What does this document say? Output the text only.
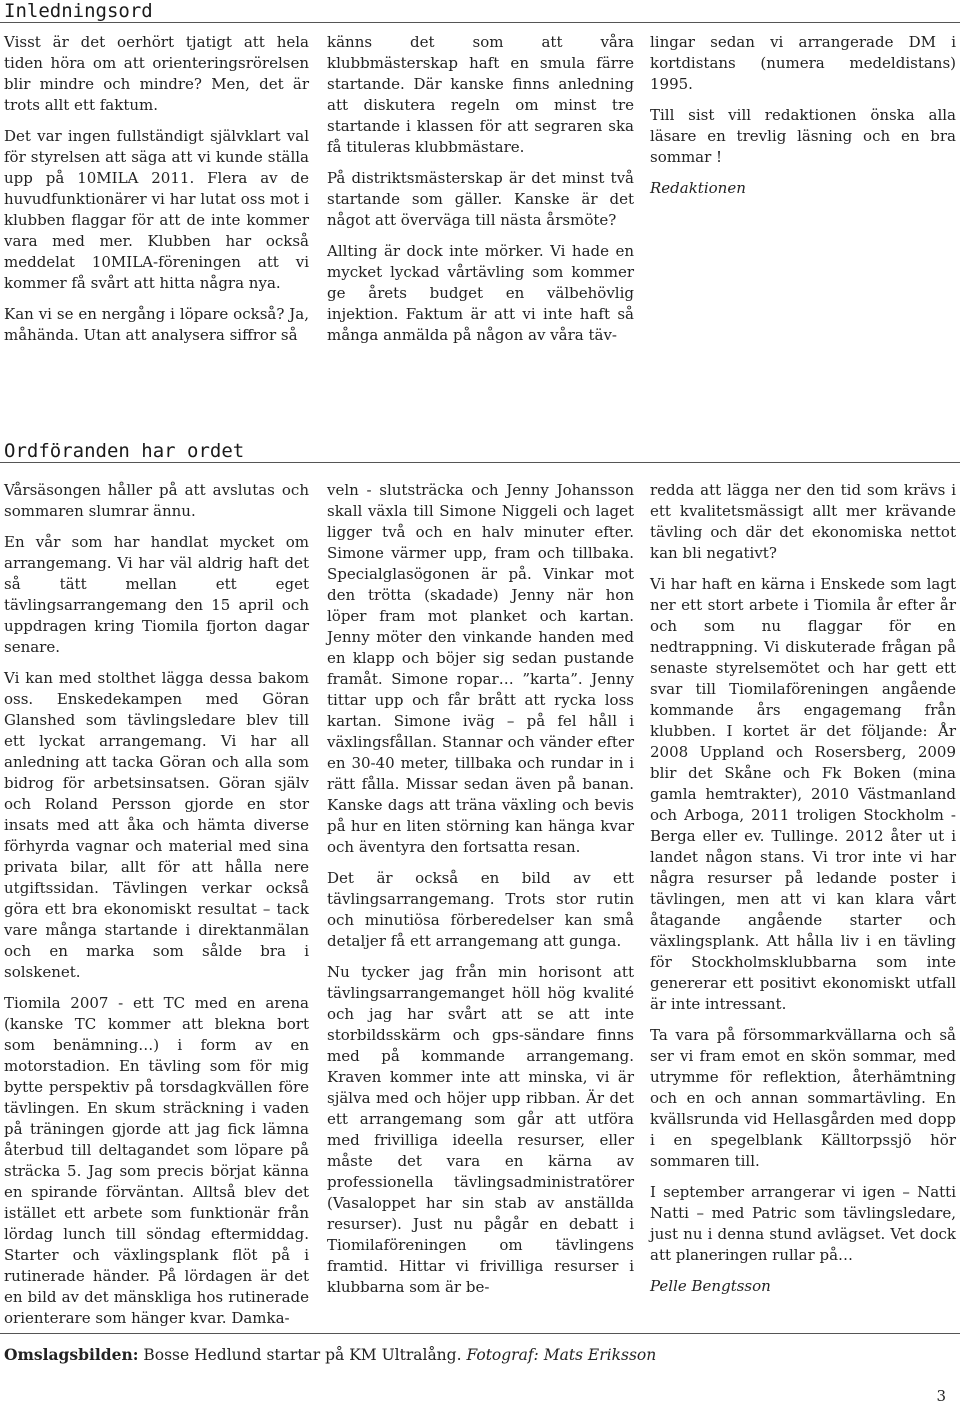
Inledningsord

Visst är det oerhört tjatigt att hela tiden höra om att orienteringsrörelsen blir mindre och mindre? Men, det är trots allt ett faktum.

Det var ingen fullständigt självklart val för styrelsen att säga att vi kunde ställa upp på 10MILA 2011. Flera av de huvudfunktionärer vi har lutat oss mot i klubben flaggar för att de inte kommer vara med mer. Klubben har också meddelat 10MILA-föreningen att vi kommer få svårt att hitta några nya.

Kan vi se en nergång i löpare också? Ja, måhända. Utan att analysera siffror så

känns det som att våra klubbmästerskap haft en smula färre startande. Där kanske finns anledning att diskutera regeln om minst tre startande i klassen för att segraren ska få tituleras klubbmästare.

På distriktsmästerskap är det minst två startande som gäller. Kanske är det något att överväga till nästa årsmöte?

Allting är dock inte mörker. Vi hade en mycket lyckad vårtävling som kommer ge årets budget en välbehövlig injektion. Faktum är att vi inte haft så många anmälda på någon av våra täv-

lingar sedan vi arrangerade DM i kortdistans (numera medeldistans) 1995.

Till sist vill redaktionen önska alla läsare en trevlig läsning och en bra sommar !

Redaktionen

Ordföranden har ordet

Vårsäsongen håller på att avslutas och sommaren slumrar ännu.

En vår som har handlat mycket om arrangemang. Vi har väl aldrig haft det så tätt mellan ett eget tävlingsarrangemang den 15 april och uppdragen kring Tiomila fjorton dagar senare.

Vi kan med stolthet lägga dessa bakom oss. Enskedekampen med Göran Glanshed som tävlingsledare blev till ett lyckat arrangemang. Vi har all anledning att tacka Göran och alla som bidrog för arbetsinsatsen. Göran själv och Roland Persson gjorde en stor insats med att åka och hämta diverse förhyrda vagnar och material med sina privata bilar, allt för att hålla nere utgiftssidan. Tävlingen verkar också göra ett bra ekonomiskt resultat – tack vare många startande i direktanmälan och en marka som sålde bra i solskenet.

Tiomila 2007 - ett TC med en arena (kanske TC kommer att blekna bort som benämning…) i form av en motorstadion. En tävling som för mig bytte perspektiv på torsdagkvällen före tävlingen. En skum sträckning i vaden på träningen gjorde att jag fick lämna återbud till deltagandet som löpare på sträcka 5. Jag som precis börjat känna en spirande förväntan. Alltså blev det istället ett arbete som funktionär från lördag lunch till söndag eftermiddag. Starter och växlingsplank flöt på i rutinerade händer. På lördagen är det en bild av det mänskliga hos rutinerade orienterare som hänger kvar. Damka-

veln - slutsträcka och Jenny Johansson skall växla till Simone Niggeli och laget ligger två och en halv minuter efter. Simone värmer upp, fram och tillbaka. Specialglasögonen är på. Vinkar mot den trötta (skadade) Jenny när hon löper fram mot planket och kartan. Jenny möter den vinkande handen med en klapp och böjer sig sedan pustande framåt. Simone ropar… ”karta”. Jenny tittar upp och får brått att rycka loss kartan. Simone iväg – på fel håll i växlingsfållan. Stannar och vänder efter en 30-40 meter, tillbaka och rundar in i rätt fålla. Missar sedan även på banan. Kanske dags att träna växling och bevis på hur en liten störning kan hänga kvar och äventyra den fortsatta resan.

Det är också en bild av ett tävlingsarrangemang. Trots stor rutin och minutiösa förberedelser kan små detaljer få ett arrangemang att gunga.

Nu tycker jag från min horisont att tävlingsarrangemanget höll hög kvalité och jag har svårt att se att inte storbildsskärm och gps-sändare finns med på kommande arrangemang. Kraven kommer inte att minska, vi är själva med och höjer upp ribban. Är det ett arrangemang som går att utföra med frivilliga ideella resurser, eller måste det vara en kärna av professionella tävlingsadministratörer (Vasaloppet har sin stab av anställda resurser). Just nu pågår en debatt i Tiomilaföreningen om tävlingens framtid. Hittar vi frivilliga resurser i klubbarna som är be-

redda att lägga ner den tid som krävs i ett kvalitetsmässigt allt mer krävande tävling och där det ekonomiska nettot kan bli negativt?

Vi har haft en kärna i Enskede som lagt ner ett stort arbete i Tiomila år efter år och som nu flaggar för en nedtrappning. Vi diskuterade frågan på senaste styrelsemötet och har gett ett svar till Tiomilaföreningen angående kommande års engagemang från klubben. I kortet är det följande: År 2008 Uppland och Rosersberg, 2009 blir det Skåne och Fk Boken (mina gamla hemtrakter), 2010 Västmanland och Arboga, 2011 troligen Stockholm - Berga eller ev. Tullinge. 2012 åter ut i landet någon stans. Vi tror inte vi har några resurser på ledande poster i tävlingen, men att vi kan klara vårt åtagande angående starter och växlingsplank. Att hålla liv i en tävling för Stockholmsklubbarna som inte genererar ett positivt ekonomiskt utfall är inte intressant.

Ta vara på försommarkvällarna och så ser vi fram emot en skön sommar, med utrymme för reflektion, återhämtning och en och annan sommartävling. En kvällsrunda vid Hellasgården med dopp i en spegelblank Källtorpssjö hör sommaren till.

I september arrangerar vi igen – Natti Natti – med Patric som tävlingsledare, just nu i denna stund avlägset. Vet dock att planeringen rullar på…

Pelle Bengtsson

Omslagsbilden: Bosse Hedlund startar på KM Ultralång. Fotograf: Mats Eriksson
3
